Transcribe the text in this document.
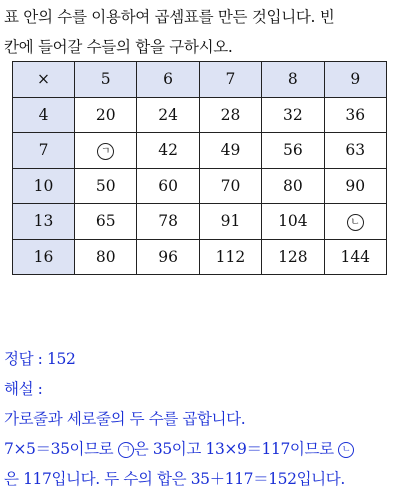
표 안의 수를 이용하여 곱셈표를 만든 것입니다. 빈
칸에 들어갈 수들의 합을 구하시오.
×	5	6	7	8	9
4	20	24	28	32	36
7	ㄱ	42	49	56	63
10	50	60	70	80	90
13	65	78	91	104	ㄴ
16	80	96	112	128	144
정답 : 152
해설 :
가로줄과 세로줄의 두 수를 곱합니다.
7×5＝35이므로 ㄱ 은 35이고 13×9＝117이므로 ㄴ
은 117입니다. 두 수의 합은 35＋117＝152입니다.
